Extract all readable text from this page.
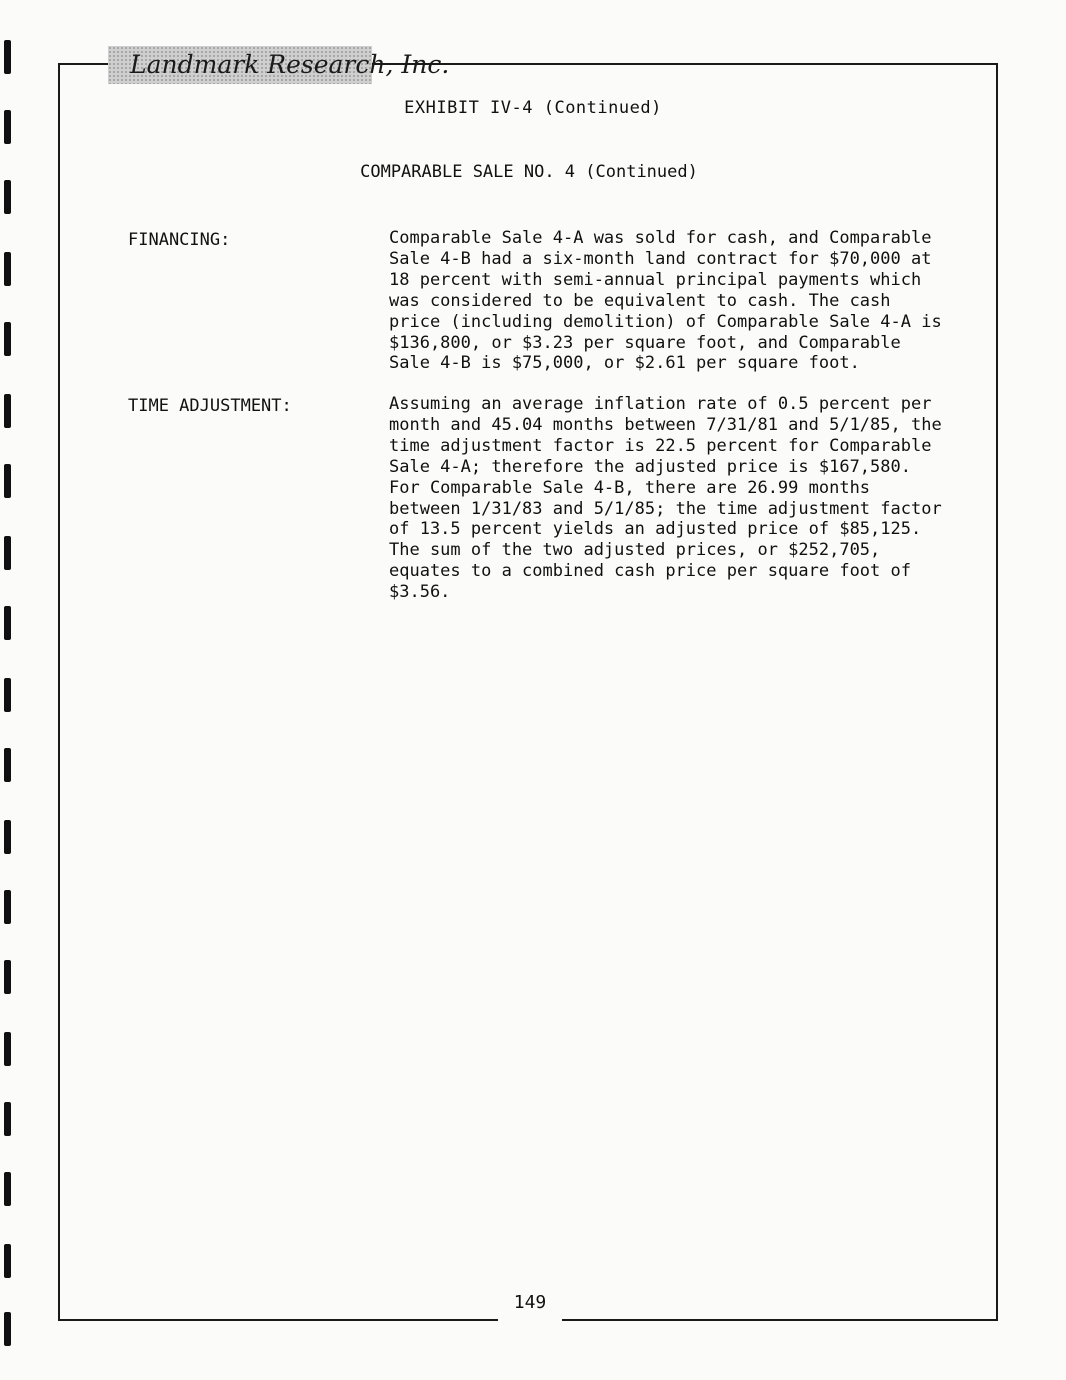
Landmark Research, Inc.
EXHIBIT IV-4 (Continued)
COMPARABLE SALE NO. 4 (Continued)
FINANCING:	Comparable Sale 4-A was sold for cash, and Comparable
Sale 4-B had a six-month land contract for $70,000 at
18 percent with semi-annual principal payments which
was considered to be equivalent to cash. The cash
price (including demolition) of Comparable Sale 4-A is
$136,800, or $3.23 per square foot, and Comparable
Sale 4-B is $75,000, or $2.61 per square foot.
TIME ADJUSTMENT:	Assuming an average inflation rate of 0.5 percent per
month and 45.04 months between 7/31/81 and 5/1/85, the
time adjustment factor is 22.5 percent for Comparable
Sale 4-A; therefore the adjusted price is $167,580.
For Comparable Sale 4-B, there are 26.99 months
between 1/31/83 and 5/1/85; the time adjustment factor
of 13.5 percent yields an adjusted price of $85,125.
The sum of the two adjusted prices, or $252,705,
equates to a combined cash price per square foot of
$3.56.
149
